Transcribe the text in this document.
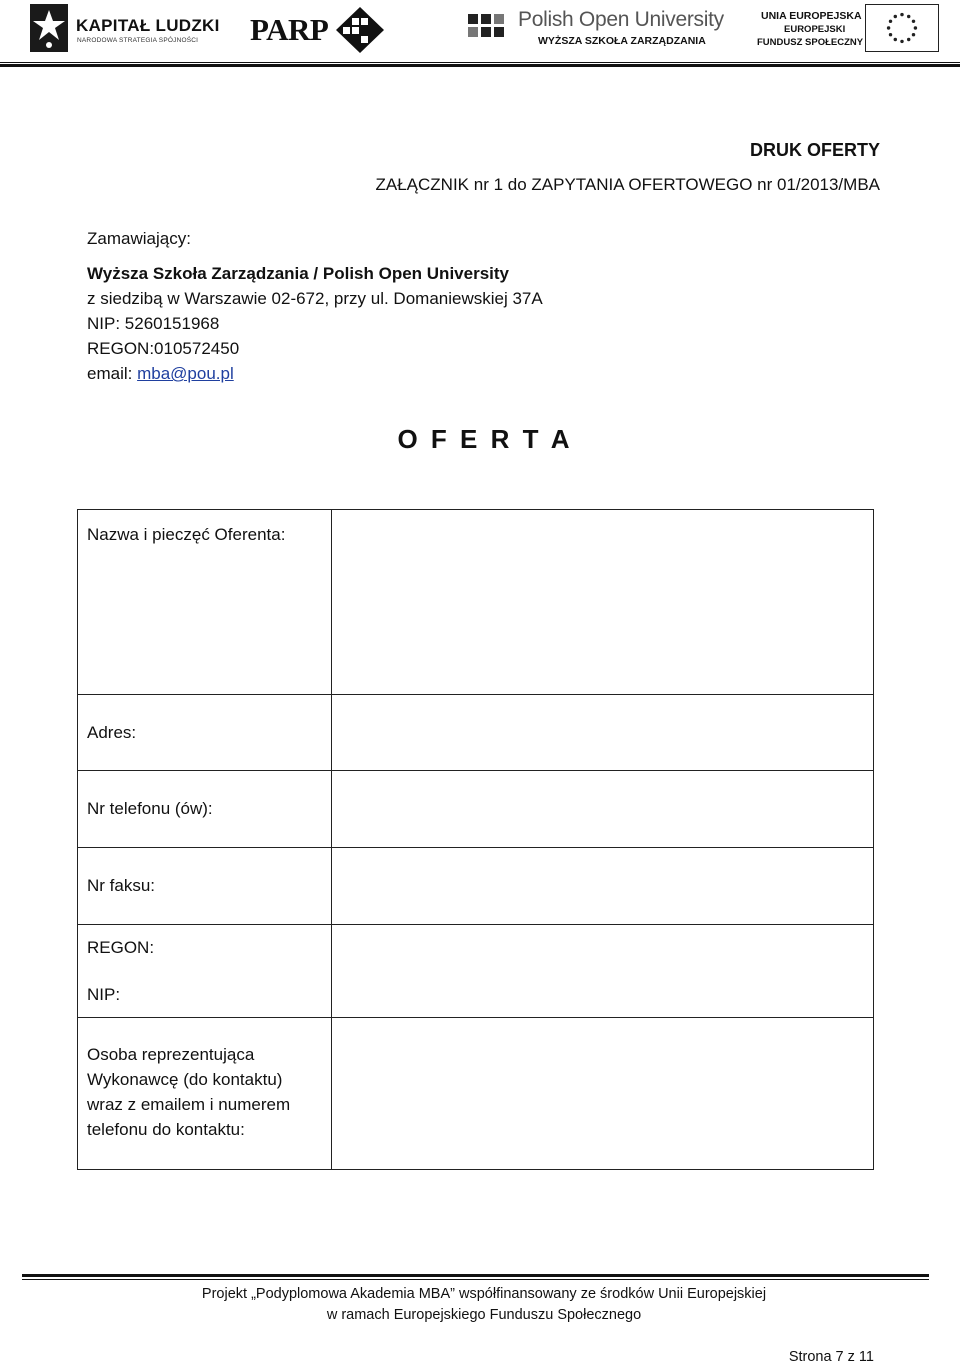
KAPITAŁ LUDZKI
NARODOWA STRATEGIA SPÓJNOŚCI PARP	Polish Open University
WYŻSZA SZKOŁA ZARZĄDZANIA
UNIA EUROPEJSKA
EUROPEJSKI
FUNDUSZ SPOŁECZNY
DRUK OFERTY
ZAŁĄCZNIK nr 1 do ZAPYTANIA OFERTOWEGO nr 01/2013/MBA
Zamawiający:
Wyższa Szkoła Zarządzania / Polish Open University
z siedzibą w Warszawie 02-672, przy ul. Domaniewskiej 37A
NIP: 5260151968
REGON:010572450
email: mba@pou.pl
O F E R T A
Nazwa i pieczęć Oferenta:	

Adres:	

Nr telefonu (ów):	

Nr faksu:	

REGON:
NIP:	

Osoba reprezentująca
Wykonawcę (do kontaktu)
wraz z emailem i numerem
telefonu do kontaktu:	

Projekt „Podyplomowa Akademia MBA” współfinansowany ze środków Unii Europejskiej
w ramach Europejskiego Funduszu Społecznego
Strona 7 z 11
